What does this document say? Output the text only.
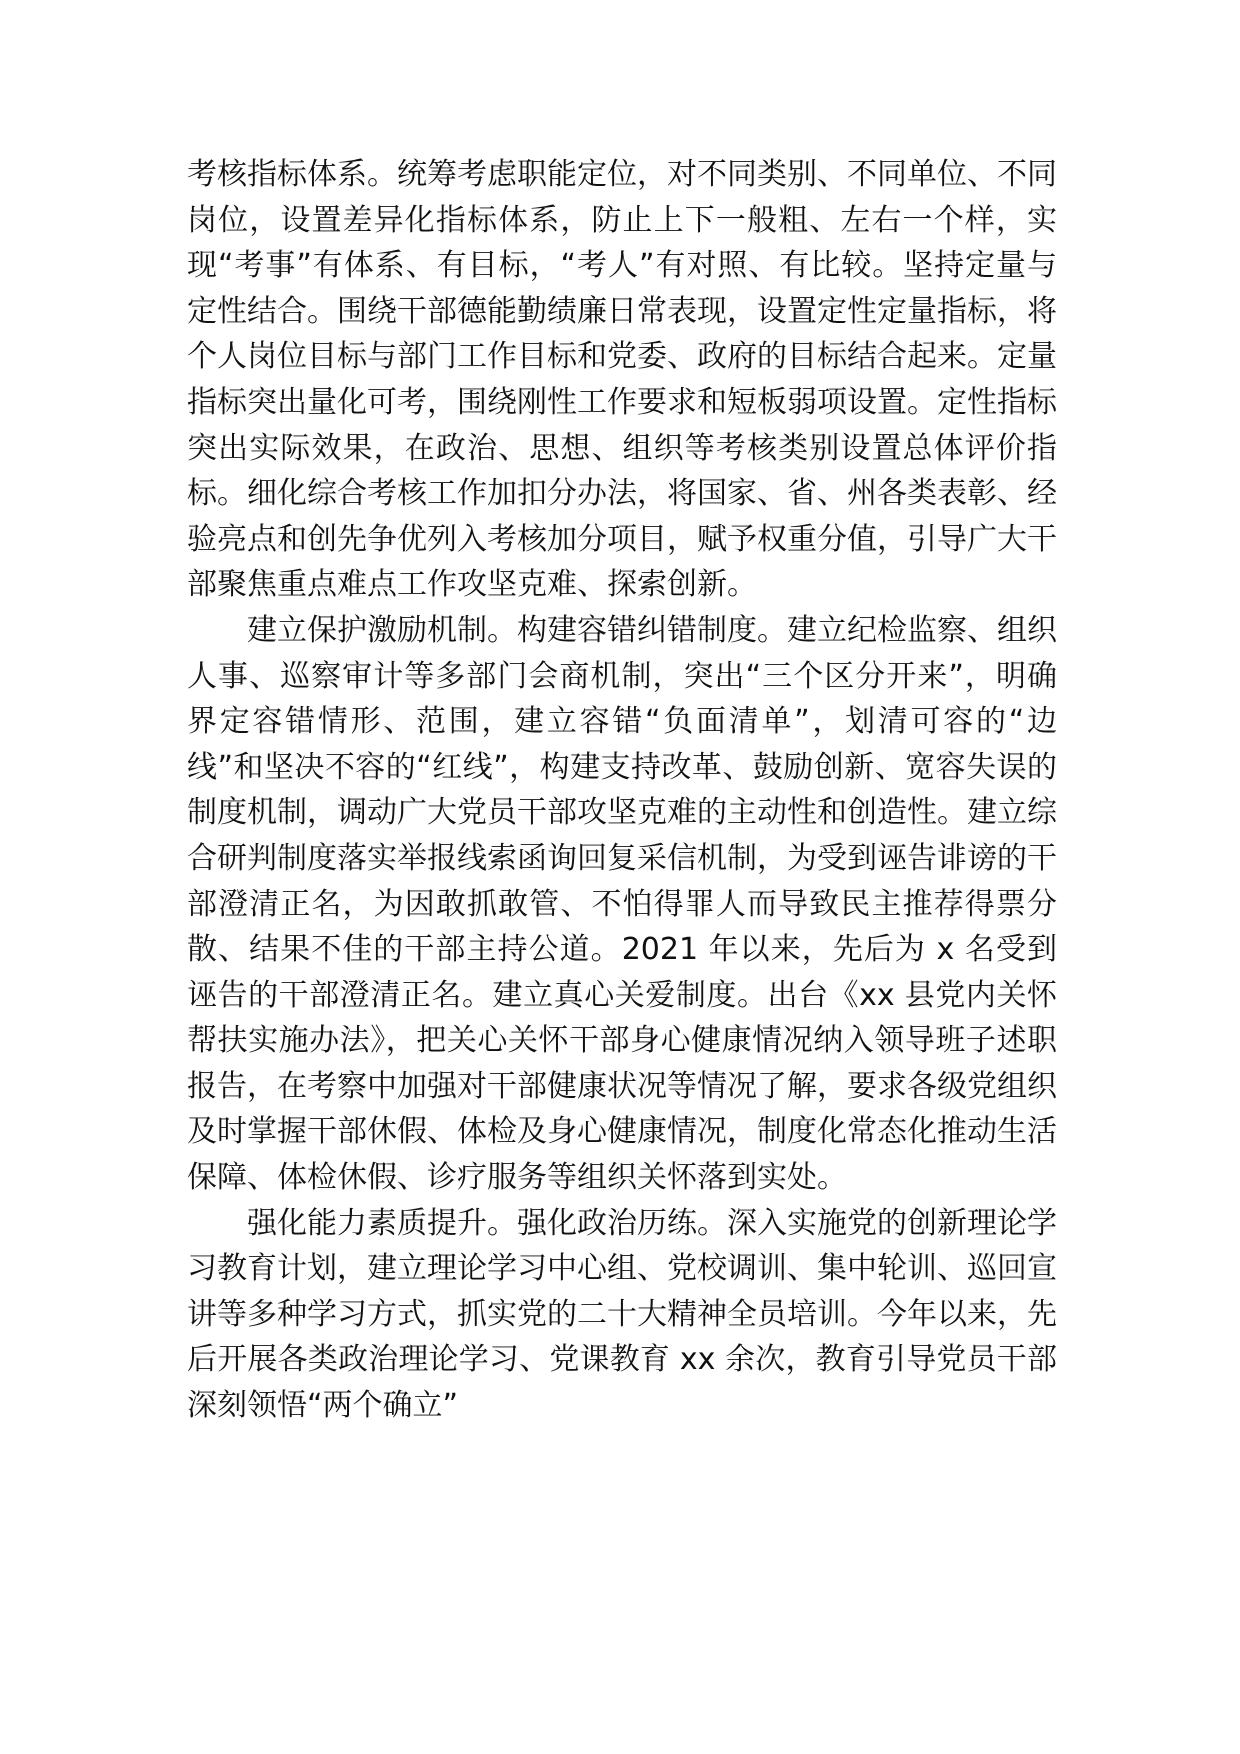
考核指标体系。统筹考虑职能定位，对不同类别、不同单位、不同岗位，设置差异化指标体系，防止上下一般粗、左右一个样，实现“考事”有体系、有目标，“考人”有对照、有比较。坚持定量与定性结合。围绕干部德能勤绩廉日常表现，设置定性定量指标，将个人岗位目标与部门工作目标和党委、政府的目标结合起来。定量指标突出量化可考，围绕刚性工作要求和短板弱项设置。定性指标突出实际效果，在政治、思想、组织等考核类别设置总体评价指标。细化综合考核工作加扣分办法，将国家、省、州各类表彰、经验亮点和创先争优列入考核加分项目，赋予权重分值，引导广大干部聚焦重点难点工作攻坚克难、探索创新。

建立保护激励机制。构建容错纠错制度。建立纪检监察、组织人事、巡察审计等多部门会商机制，突出“三个区分开来”，明确界定容错情形、范围，建立容错“负面清单”，划清可容的“边线”和坚决不容的“红线”，构建支持改革、鼓励创新、宽容失误的制度机制，调动广大党员干部攻坚克难的主动性和创造性。建立综合研判制度落实举报线索函询回复采信机制，为受到诬告诽谤的干部澄清正名，为因敢抓敢管、不怕得罪人而导致民主推荐得票分散、结果不佳的干部主持公道。2021 年以来，先后为 x 名受到诬告的干部澄清正名。建立真心关爱制度。出台《xx 县党内关怀帮扶实施办法》，把关心关怀干部身心健康情况纳入领导班子述职报告，在考察中加强对干部健康状况等情况了解，要求各级党组织及时掌握干部休假、体检及身心健康情况，制度化常态化推动生活保障、体检休假、诊疗服务等组织关怀落到实处。

强化能力素质提升。强化政治历练。深入实施党的创新理论学习教育计划，建立理论学习中心组、党校调训、集中轮训、巡回宣讲等多种学习方式，抓实党的二十大精神全员培训。今年以来，先后开展各类政治理论学习、党课教育 xx 余次，教育引导党员干部深刻领悟“两个确立”
